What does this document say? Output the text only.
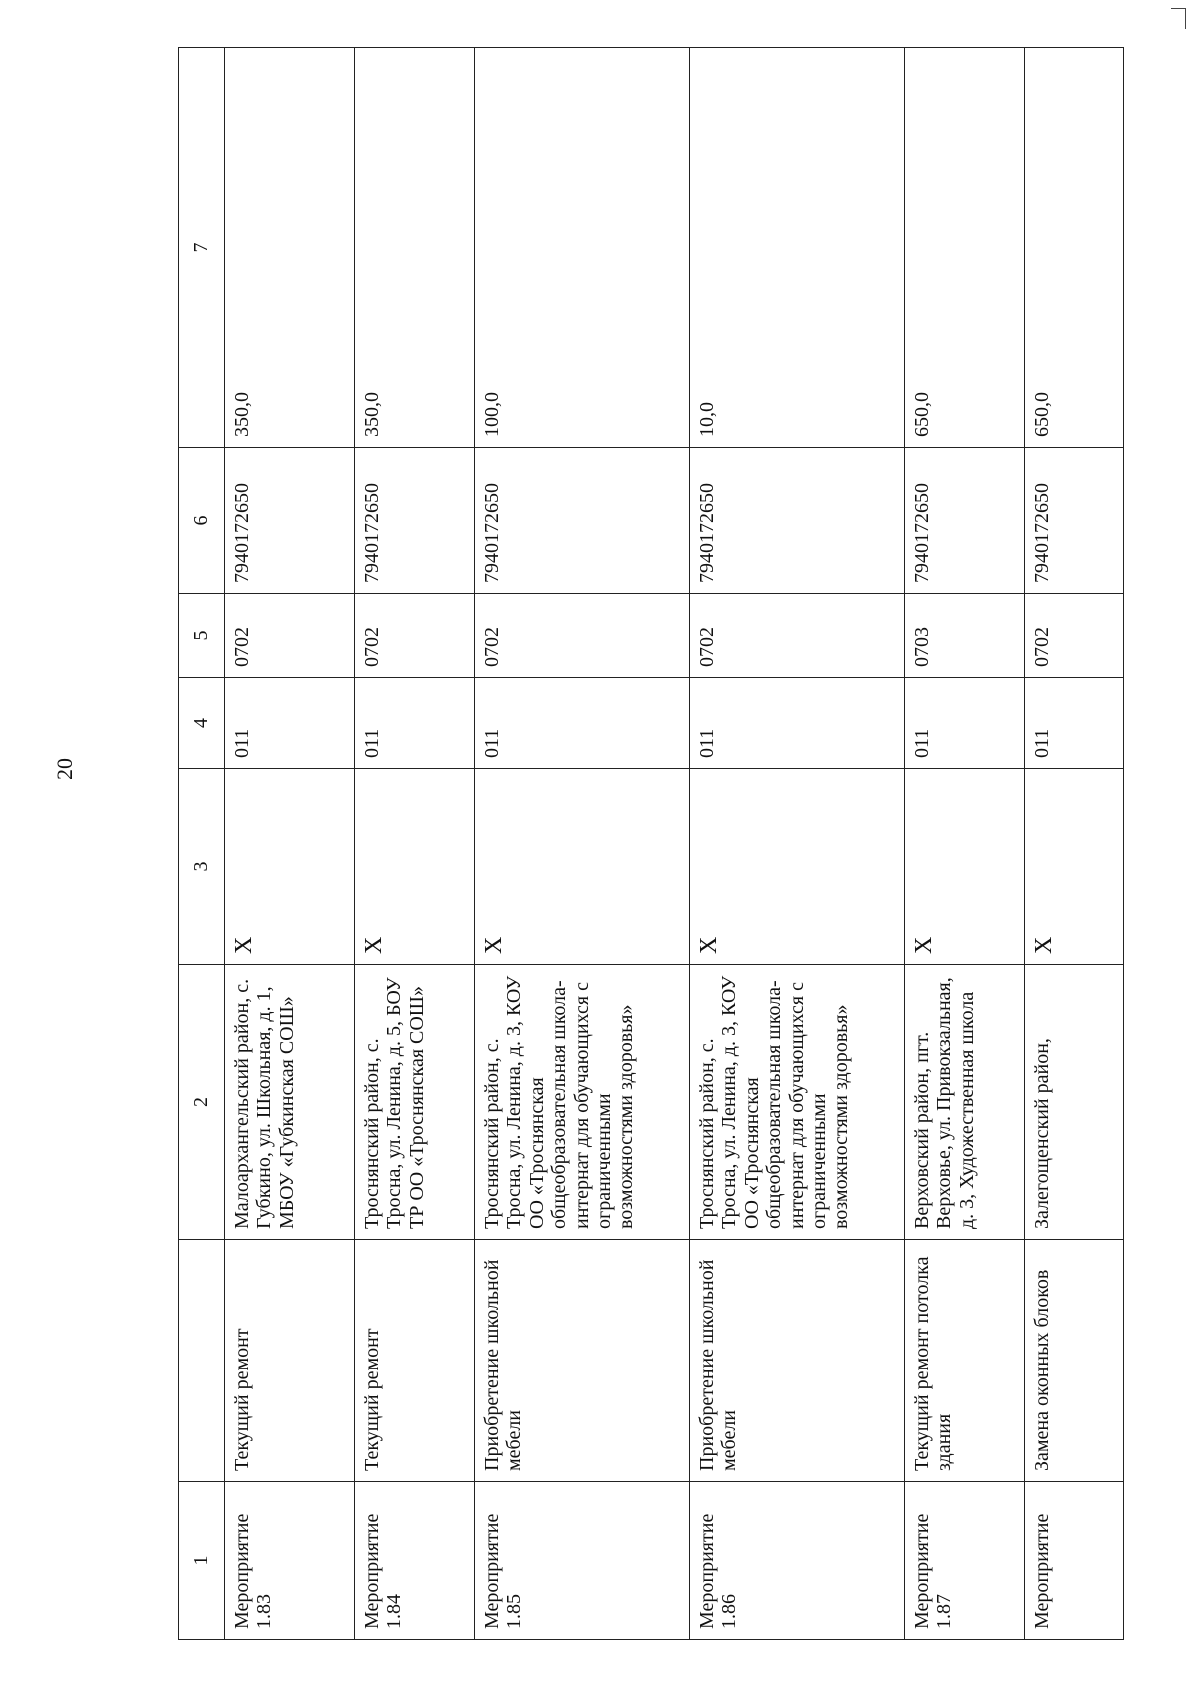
20
1		2	3	4	5	6	7
Мероприятие 1.83	Текущий ремонт	Малоархангельский район, с. Губкино, ул. Школьная, д. 1, МБОУ «Губкинская СОШ»	X	011	0702	7940172650	350,0
Мероприятие 1.84	Текущий ремонт	Троснянский район, с. Тросна, ул. Ленина, д. 5, БОУ ТР ОО «Троснянская СОШ»	X	011	0702	7940172650	350,0
Мероприятие 1.85	Приобретение школьной мебели	Троснянский район, с. Тросна, ул. Ленина, д. 3, КОУ ОО «Троснянская общеобразовательная школа-интернат для обучающихся с ограниченными возможностями здоровья»	X	011	0702	7940172650	100,0
Мероприятие 1.86	Приобретение школьной мебели	Троснянский район, с. Тросна, ул. Ленина, д. 3, КОУ ОО «Троснянская общеобразовательная школа-интернат для обучающихся с ограниченными возможностями здоровья»	X	011	0702	7940172650	10,0
Мероприятие 1.87	Текущий ремонт потолка здания	Верховский район, пгт. Верховье, ул. Привокзальная, д. 3, Художественная школа	X	011	0703	7940172650	650,0
Мероприятие	Замена оконных блоков	Залегощенский район,	X	011	0702	7940172650	650,0
